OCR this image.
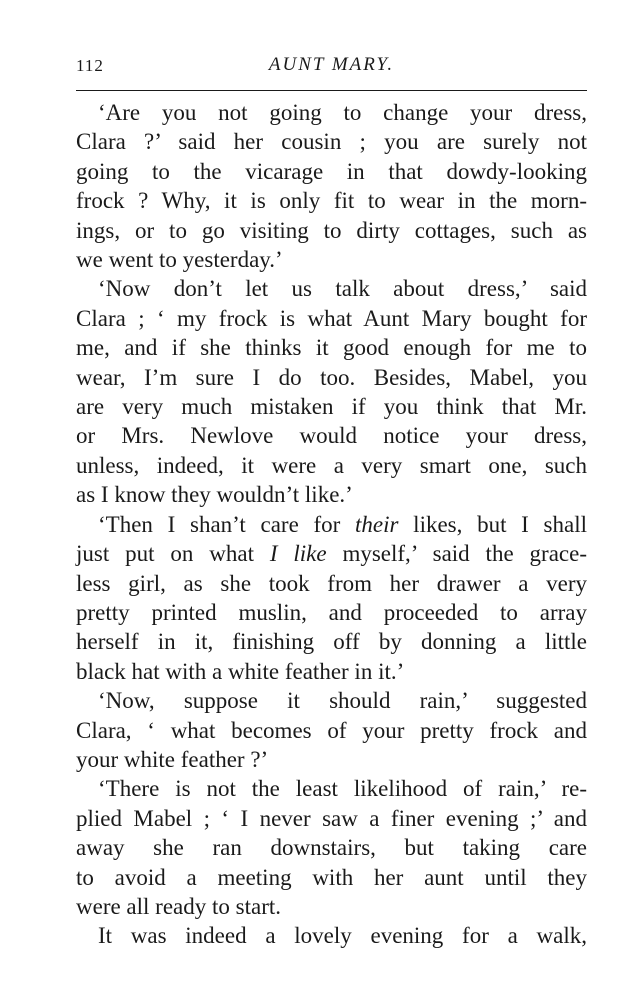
112	AUNT MARY.

‘Are you not going to change your dress,
Clara ?’ said her cousin ; you are surely not
going to the vicarage in that dowdy-looking
frock ? Why, it is only fit to wear in the morn-
ings, or to go visiting to dirty cottages, such as
we went to yesterday.’

‘Now don’t let us talk about dress,’ said
Clara ; ‘ my frock is what Aunt Mary bought for
me, and if she thinks it good enough for me to
wear, I’m sure I do too. Besides, Mabel, you
are very much mistaken if you think that Mr.
or Mrs. Newlove would notice your dress,
unless, indeed, it were a very smart one, such
as I know they wouldn’t like.’

‘Then I shan’t care for their likes, but I shall
just put on what I like myself,’ said the grace-
less girl, as she took from her drawer a very
pretty printed muslin, and proceeded to array
herself in it, finishing off by donning a little
black hat with a white feather in it.’

‘Now, suppose it should rain,’ suggested
Clara, ‘ what becomes of your pretty frock and
your white feather ?’

‘There is not the least likelihood of rain,’ re-
plied Mabel ; ‘ I never saw a finer evening ;’ and
away she ran downstairs, but taking care
to avoid a meeting with her aunt until they
were all ready to start.

It was indeed a lovely evening for a walk,
